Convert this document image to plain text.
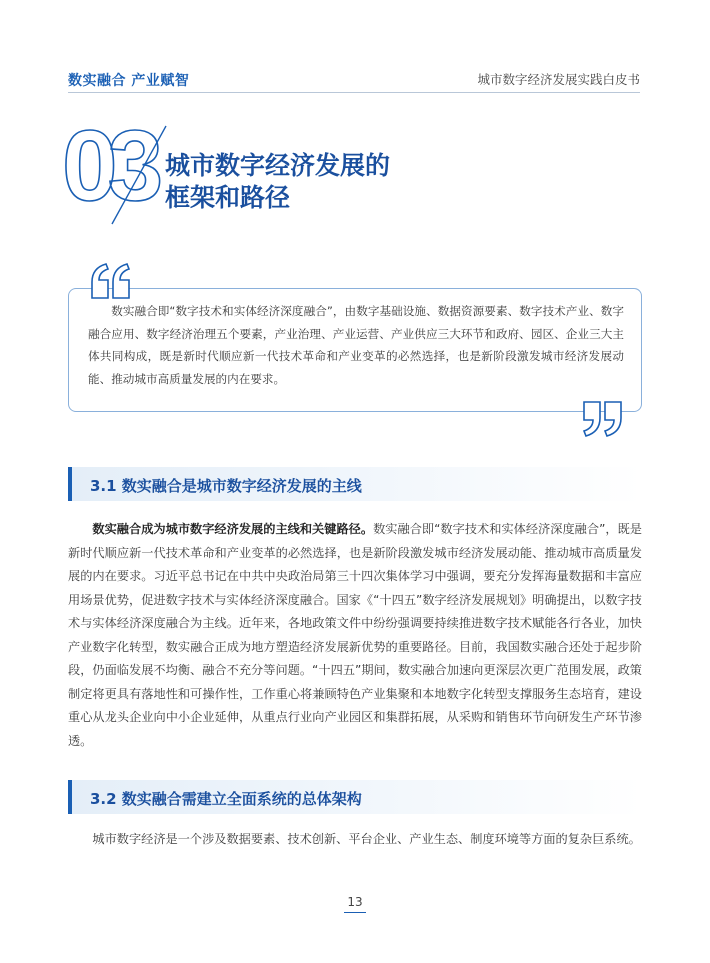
数实融合 产业赋智	城市数字经济发展实践白皮书
03 城市数字经济发展的
框架和路径
数实融合即“数字技术和实体经济深度融合”，由数字基础设施、数据资源要素、数字技术产业、数字融合应用、数字经济治理五个要素，产业治理、产业运营、产业供应三大环节和政府、园区、企业三大主体共同构成，既是新时代顺应新一代技术革命和产业变革的必然选择，也是新阶段激发城市经济发展动能、推动城市高质量发展的内在要求。
3.1 数实融合是城市数字经济发展的主线
数实融合成为城市数字经济发展的主线和关键路径。数实融合即“数字技术和实体经济深度融合”，既是新时代顺应新一代技术革命和产业变革的必然选择，也是新阶段激发城市经济发展动能、推动城市高质量发展的内在要求。习近平总书记在中共中央政治局第三十四次集体学习中强调，要充分发挥海量数据和丰富应用场景优势，促进数字技术与实体经济深度融合。国家《“十四五”数字经济发展规划》明确提出，以数字技术与实体经济深度融合为主线。近年来，各地政策文件中纷纷强调要持续推进数字技术赋能各行各业，加快产业数字化转型，数实融合正成为地方塑造经济发展新优势的重要路径。目前，我国数实融合还处于起步阶段，仍面临发展不均衡、融合不充分等问题。“十四五”期间，数实融合加速向更深层次更广范围发展，政策制定将更具有落地性和可操作性，工作重心将兼顾特色产业集聚和本地数字化转型支撑服务生态培育，建设重心从龙头企业向中小企业延伸，从重点行业向产业园区和集群拓展，从采购和销售环节向研发生产环节渗透。
3.2 数实融合需建立全面系统的总体架构
城市数字经济是一个涉及数据要素、技术创新、平台企业、产业生态、制度环境等方面的复杂巨系统。
13
